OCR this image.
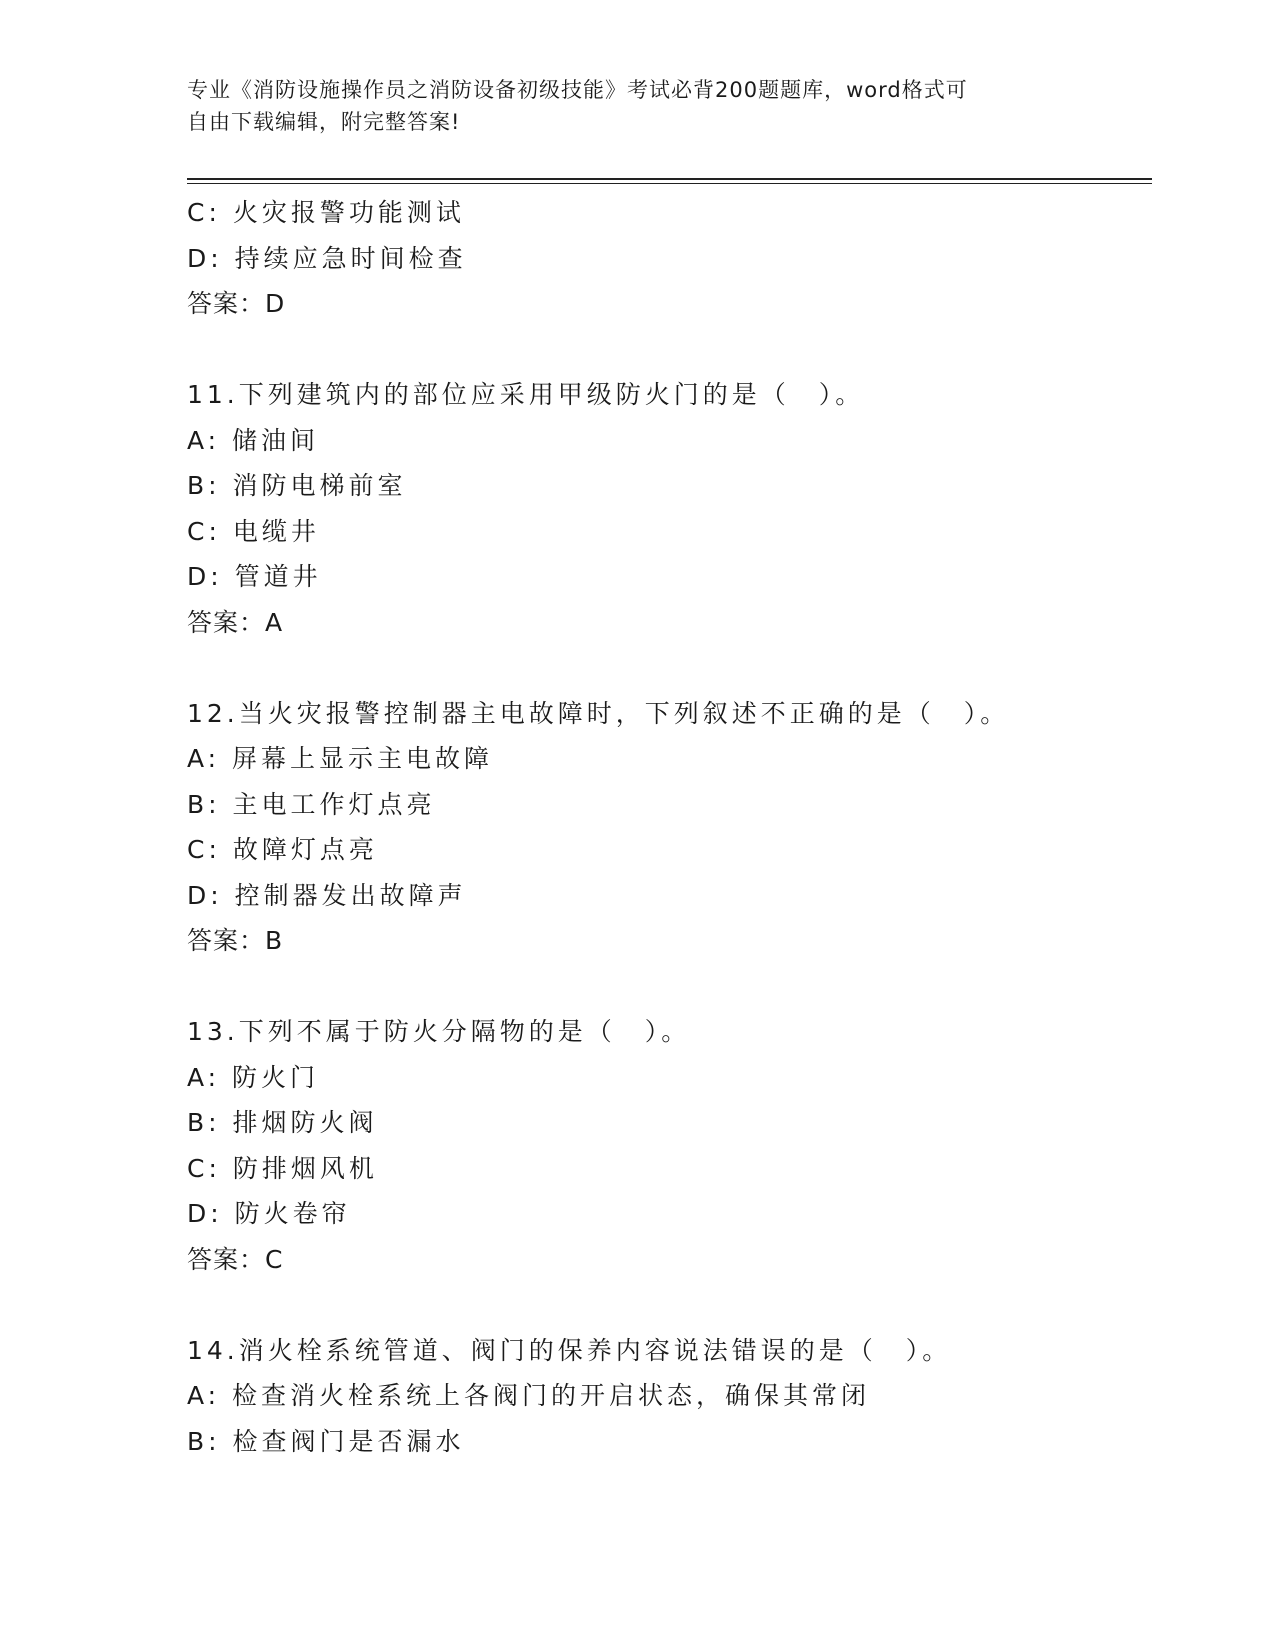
专业《消防设施操作员之消防设备初级技能》考试必背200题题库，word格式可
自由下载编辑，附完整答案!
C: 火灾报警功能测试
D: 持续应急时间检查
答案：D
11.下列建筑内的部位应采用甲级防火门的是（　）。
A: 储油间
B: 消防电梯前室
C: 电缆井
D: 管道井
答案：A
12.当火灾报警控制器主电故障时，下列叙述不正确的是（　）。
A: 屏幕上显示主电故障
B: 主电工作灯点亮
C: 故障灯点亮
D: 控制器发出故障声
答案：B
13.下列不属于防火分隔物的是（　）。
A: 防火门
B: 排烟防火阀
C: 防排烟风机
D: 防火卷帘
答案：C
14.消火栓系统管道、阀门的保养内容说法错误的是（　）。
A: 检查消火栓系统上各阀门的开启状态，确保其常闭
B: 检查阀门是否漏水
